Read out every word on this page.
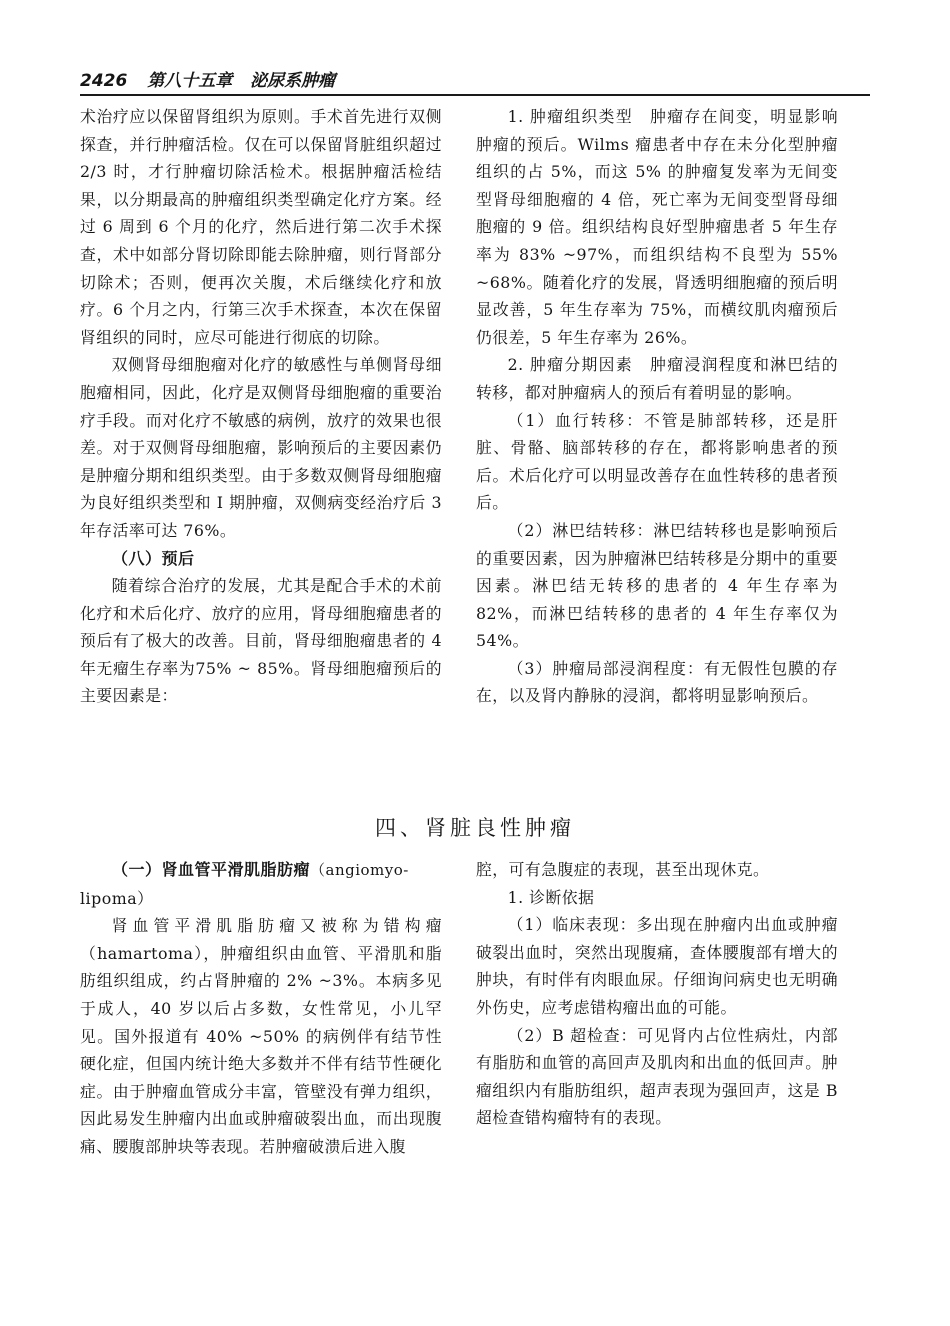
2426 第八十五章 泌尿系肿瘤

术治疗应以保留肾组织为原则。手术首先进行双侧探查，并行肿瘤活检。仅在可以保留肾脏组织超过 2/3 时，才行肿瘤切除活检术。根据肿瘤活检结果，以分期最高的肿瘤组织类型确定化疗方案。经过 6 周到 6 个月的化疗，然后进行第二次手术探查，术中如部分肾切除即能去除肿瘤，则行肾部分切除术；否则，便再次关腹，术后继续化疗和放疗。6 个月之内，行第三次手术探查，本次在保留肾组织的同时，应尽可能进行彻底的切除。

双侧肾母细胞瘤对化疗的敏感性与单侧肾母细胞瘤相同，因此，化疗是双侧肾母细胞瘤的重要治疗手段。而对化疗不敏感的病例，放疗的效果也很差。对于双侧肾母细胞瘤，影响预后的主要因素仍是肿瘤分期和组织类型。由于多数双侧肾母细胞瘤为良好组织类型和 I 期肿瘤，双侧病变经治疗后 3 年存活率可达 76%。

（八）预后

随着综合治疗的发展，尤其是配合手术的术前化疗和术后化疗、放疗的应用，肾母细胞瘤患者的预后有了极大的改善。目前，肾母细胞瘤患者的 4 年无瘤生存率为75% ~ 85%。肾母细胞瘤预后的主要因素是：

1. 肿瘤组织类型　肿瘤存在间变，明显影响肿瘤的预后。Wilms 瘤患者中存在未分化型肿瘤组织的占 5%，而这 5% 的肿瘤复发率为无间变型肾母细胞瘤的 4 倍，死亡率为无间变型肾母细胞瘤的 9 倍。组织结构良好型肿瘤患者 5 年生存率为 83% ~97%，而组织结构不良型为 55% ~68%。随着化疗的发展，肾透明细胞瘤的预后明显改善，5 年生存率为 75%，而横纹肌肉瘤预后仍很差，5 年生存率为 26%。

2. 肿瘤分期因素　肿瘤浸润程度和淋巴结的转移，都对肿瘤病人的预后有着明显的影响。

（1）血行转移：不管是肺部转移，还是肝脏、骨骼、脑部转移的存在，都将影响患者的预后。术后化疗可以明显改善存在血性转移的患者预后。

（2）淋巴结转移：淋巴结转移也是影响预后的重要因素，因为肿瘤淋巴结转移是分期中的重要因素。淋巴结无转移的患者的 4 年生存率为 82%，而淋巴结转移的患者的 4 年生存率仅为 54%。

（3）肿瘤局部浸润程度：有无假性包膜的存在，以及肾内静脉的浸润，都将明显影响预后。

四、肾脏良性肿瘤

（一）肾血管平滑肌脂肪瘤（angiomyo-

lipoma）

肾血管平滑肌脂肪瘤又被称为错构瘤（hamartoma），肿瘤组织由血管、平滑肌和脂肪组织组成，约占肾肿瘤的 2% ~3%。本病多见于成人，40 岁以后占多数，女性常见，小儿罕见。国外报道有 40% ~50% 的病例伴有结节性硬化症，但国内统计绝大多数并不伴有结节性硬化症。由于肿瘤血管成分丰富，管壁没有弹力组织，因此易发生肿瘤内出血或肿瘤破裂出血，而出现腹痛、腰腹部肿块等表现。若肿瘤破溃后进入腹

腔，可有急腹症的表现，甚至出现休克。

1. 诊断依据

（1）临床表现：多出现在肿瘤内出血或肿瘤破裂出血时，突然出现腹痛，查体腰腹部有增大的肿块，有时伴有肉眼血尿。仔细询问病史也无明确外伤史，应考虑错构瘤出血的可能。

（2）B 超检查：可见肾内占位性病灶，内部有脂肪和血管的高回声及肌肉和出血的低回声。肿瘤组织内有脂肪组织，超声表现为强回声，这是 B 超检查错构瘤特有的表现。
